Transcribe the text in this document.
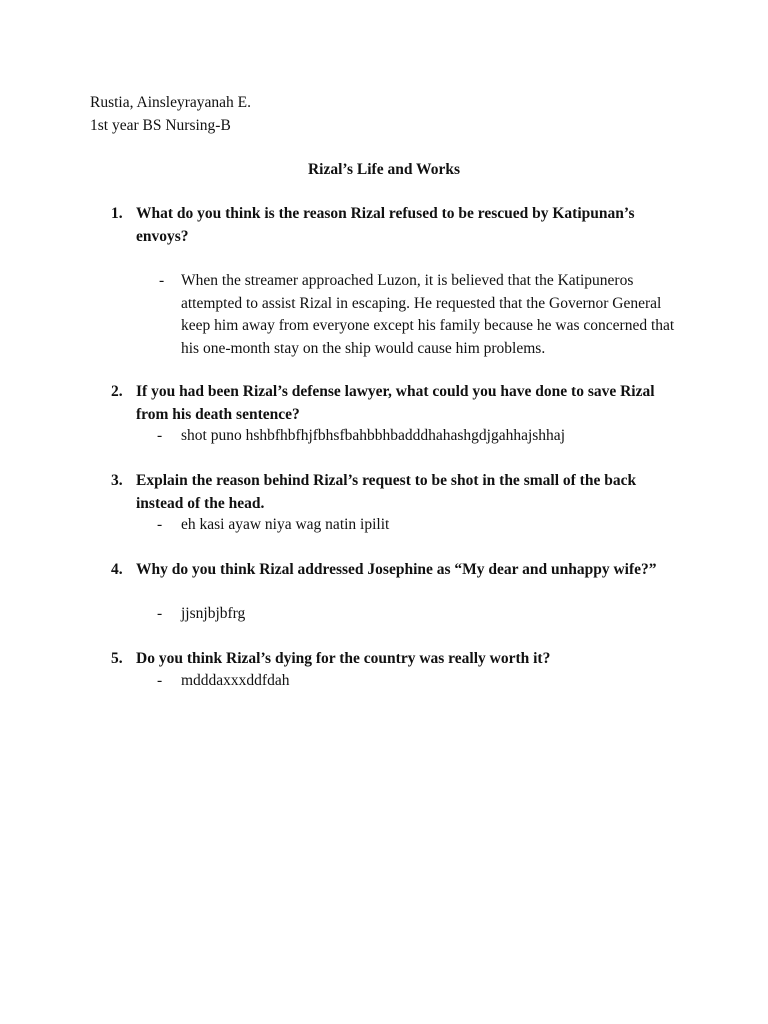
Rustia, Ainsleyrayanah E.
1st year BS Nursing-B
Rizal’s Life and Works
1. What do you think is the reason Rizal refused to be rescued by Katipunan’s envoys?
-	When the streamer approached Luzon, it is believed that the Katipuneros attempted to assist Rizal in escaping. He requested that the Governor General keep him away from everyone except his family because he was concerned that his one-month stay on the ship would cause him problems.
2. If you had been Rizal’s defense lawyer, what could you have done to save Rizal from his death sentence?
-	shot puno hshbfhbfhjfbhsfbahbbhbadddhahashgdjgahhajshhaj
3. Explain the reason behind Rizal’s request to be shot in the small of the back instead of the head.
-	eh kasi ayaw niya wag natin ipilit
4. Why do you think Rizal addressed Josephine as “My dear and unhappy wife?”
-	jjsnjbjbfrg
5. Do you think Rizal’s dying for the country was really worth it?
-	mdddaxxxddfdah
